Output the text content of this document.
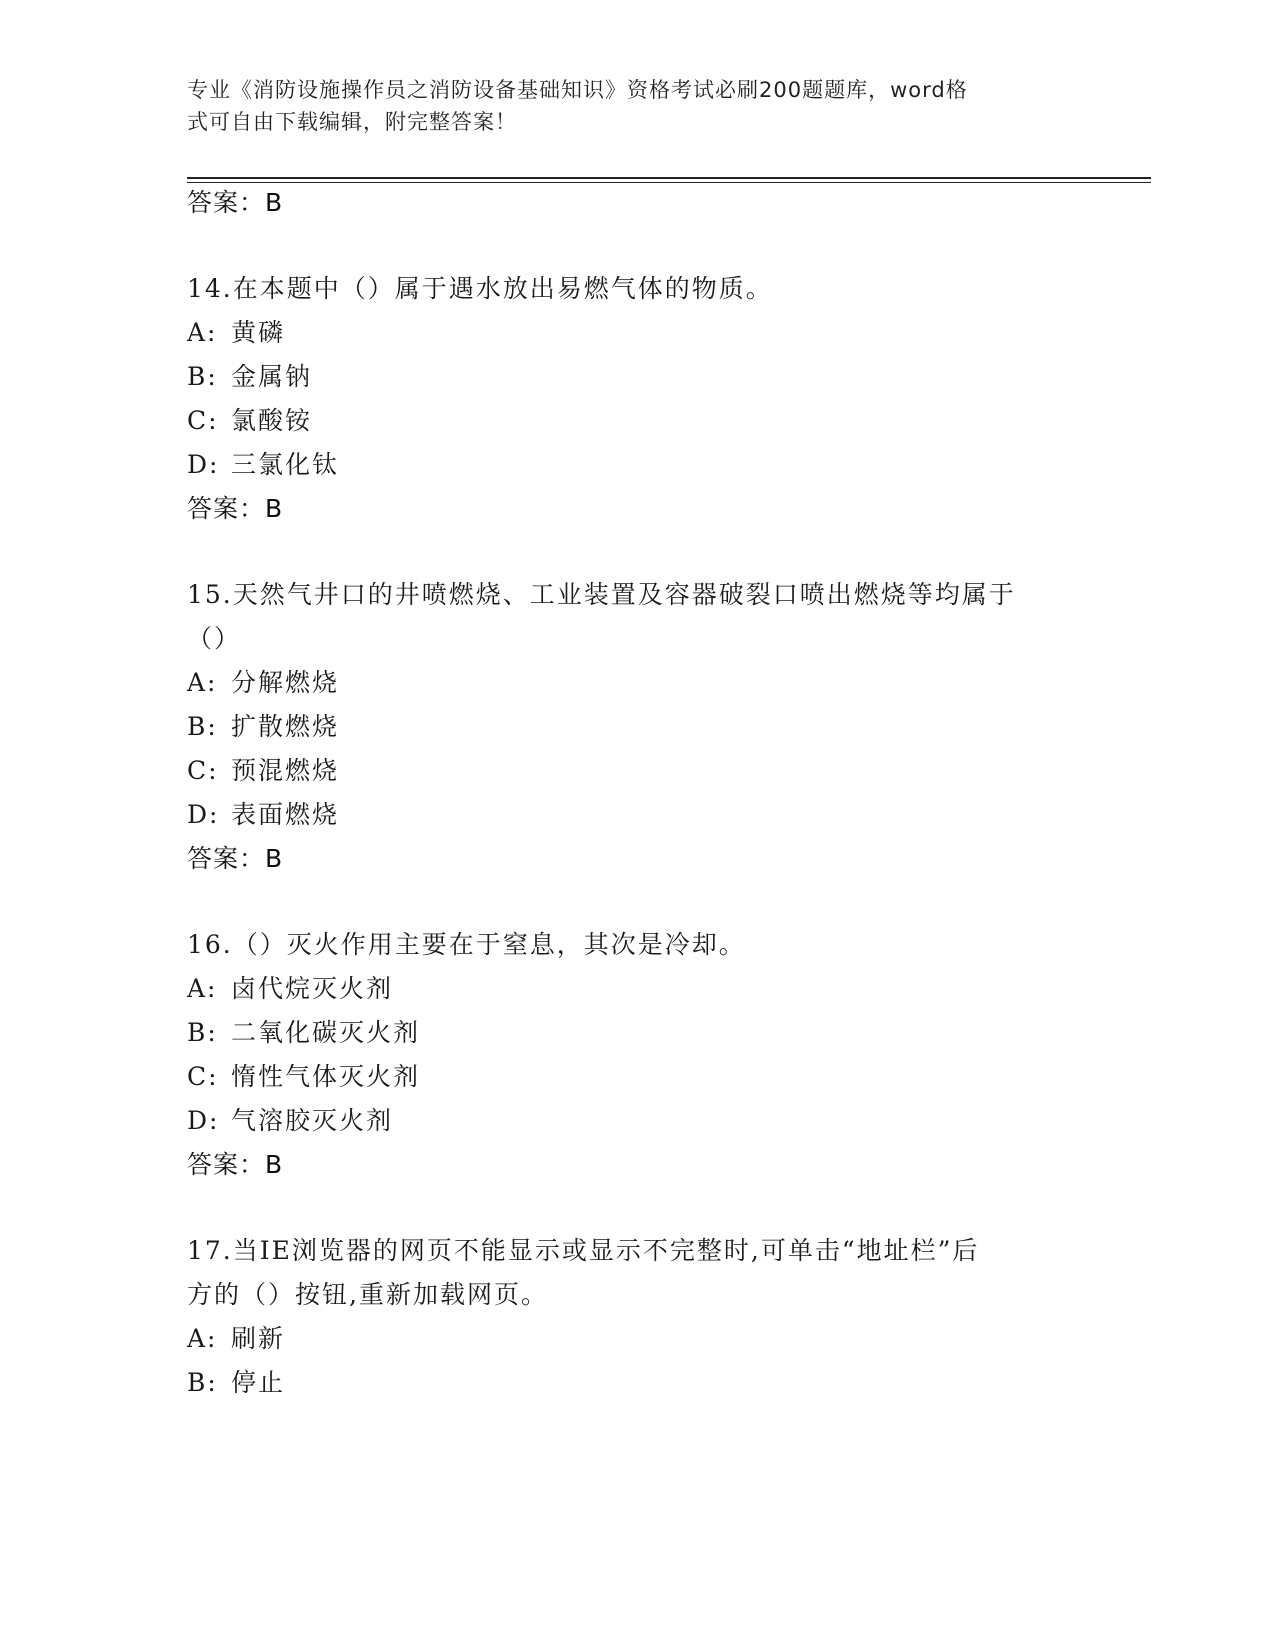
专业《消防设施操作员之消防设备基础知识》资格考试必刷200题题库，word格
式可自由下载编辑，附完整答案！
答案：B
14.在本题中（）属于遇水放出易燃气体的物质。
A: 黄磷
B: 金属钠
C: 氯酸铵
D: 三氯化钛
答案：B
15.天然气井口的井喷燃烧、工业装置及容器破裂口喷出燃烧等均属于
（）
A: 分解燃烧
B: 扩散燃烧
C: 预混燃烧
D: 表面燃烧
答案：B
16.（）灭火作用主要在于窒息，其次是冷却。
A: 卤代烷灭火剂
B: 二氧化碳灭火剂
C: 惰性气体灭火剂
D: 气溶胶灭火剂
答案：B
17.当IE浏览器的网页不能显示或显示不完整时,可单击“地址栏”后
方的（）按钮,重新加载网页。
A: 刷新
B: 停止
